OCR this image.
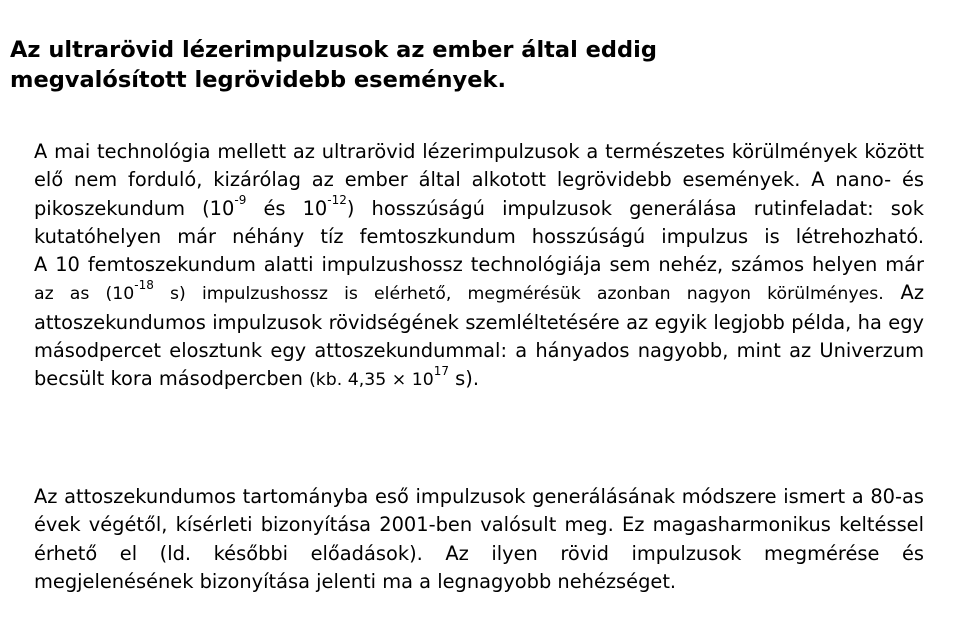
Az ultrarövid lézerimpulzusok az ember által eddig
megvalósított legrövidebb események.

A mai technológia mellett az ultrarövid lézerimpulzusok a természetes körülmények között elő nem forduló, kizárólag az ember által alkotott legrövidebb események. A nano- és pikoszekundum ($10^{-9}$ és $10^{-12}$) hosszúságú impulzusok generálása rutinfeladat: sok kutatóhelyen már néhány tíz femtoszkundum hosszúságú impulzus is létrehozható.

A 10 femtoszekundum alatti impulzushossz technológiája sem nehéz, számos helyen már az as ($10^{-18}$ s) impulzushossz is elérhető, megmérésük azonban nagyon körülményes. Az attoszekundumos impulzusok rövidségének szemléltetésére az egyik legjobb példa, ha egy másodpercet elosztunk egy attoszekundummal: a hányados nagyobb, mint az Univerzum becsült kora másodpercben (kb. $4,35 \times 10^{17}$ s).

Az attoszekundumos tartományba eső impulzusok generálásának módszere ismert a 80-as évek végétől, kísérleti bizonyítása 2001-ben valósult meg. Ez magasharmonikus keltéssel érhető el (ld. későbbi előadások). Az ilyen rövid impulzusok megmérése és megjelenésének bizonyítása jelenti ma a legnagyobb nehézséget.
